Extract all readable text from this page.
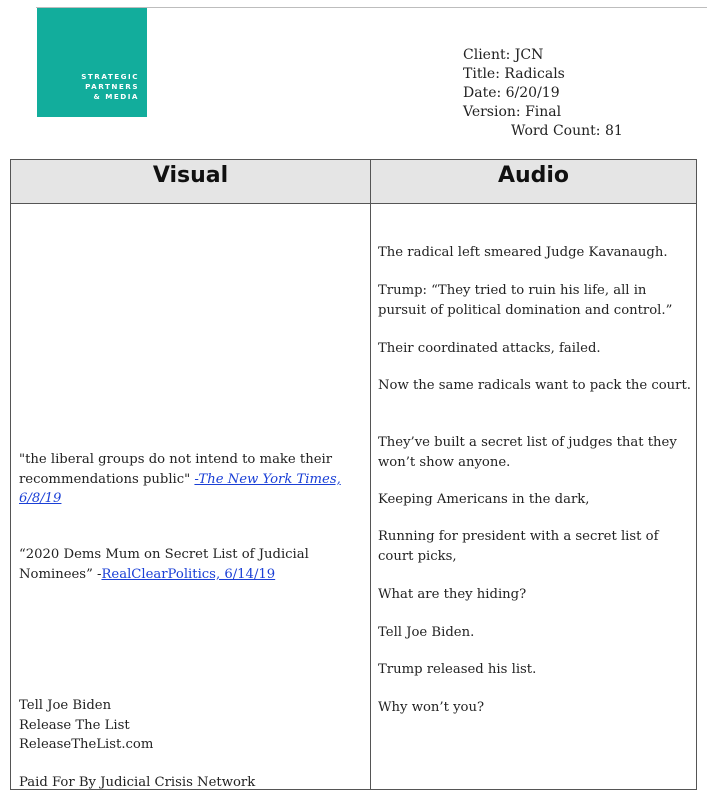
STRATEGIC
PARTNERS
& MEDIA
Client: JCN
Title: Radicals
Date: 6/20/19
Version: Final
Word Count: 81
Visual	Audio
"the liberal groups do not intend to make their recommendations public" -The New York Times, 6/8/19
“2020 Dems Mum on Secret List of Judicial Nominees” -RealClearPolitics, 6/14/19
Tell Joe Biden
Release The List
ReleaseTheList.com
Paid For By Judicial Crisis Network
The radical left smeared Judge Kavanaugh.
Trump: “They tried to ruin his life, all in pursuit of political domination and control.”
Their coordinated attacks, failed.
Now the same radicals want to pack the court.
They’ve built a secret list of judges that they won’t show anyone.
Keeping Americans in the dark,
Running for president with a secret list of court picks,
What are they hiding?
Tell Joe Biden.
Trump released his list.
Why won’t you?
